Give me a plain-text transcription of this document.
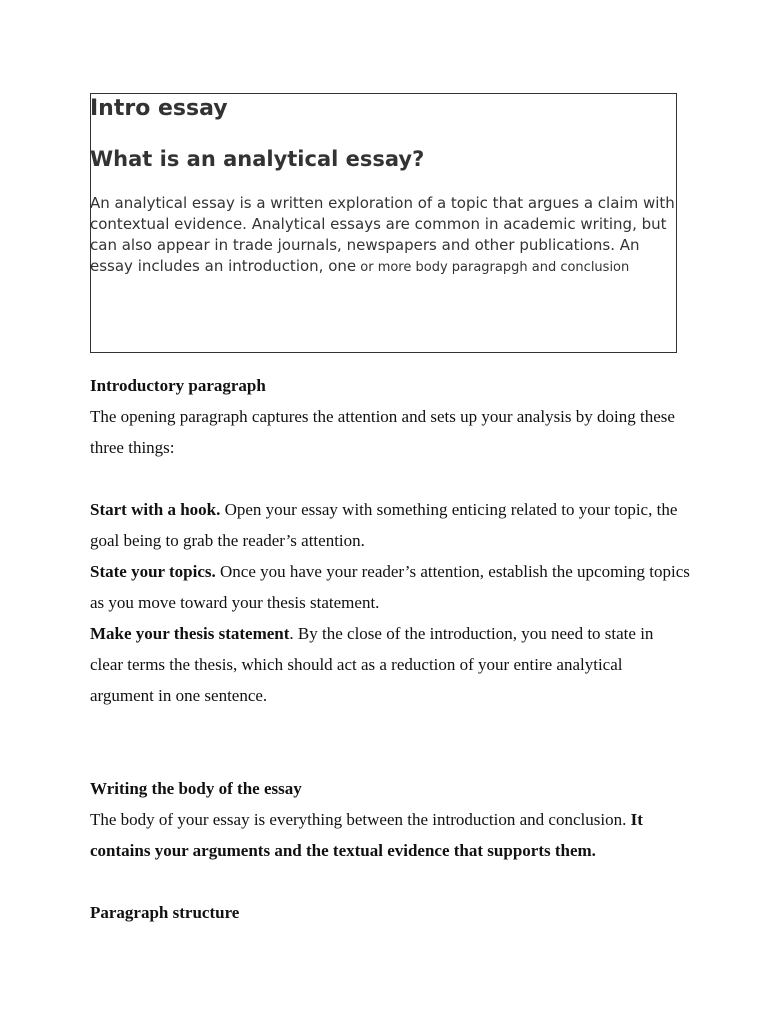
Intro essay
What is an analytical essay?

An analytical essay is a written exploration of a topic that argues a claim with contextual evidence. Analytical essays are common in academic writing, but can also appear in trade journals, newspapers and other publications. An essay includes an introduction, one or more body paragrapgh and conclusion

Introductory paragraph

The opening paragraph captures the attention and sets up your analysis by doing these three things:

Start with a hook. Open your essay with something enticing related to your topic, the goal being to grab the reader’s attention.

State your topics. Once you have your reader’s attention, establish the upcoming topics as you move toward your thesis statement.

Make your thesis statement. By the close of the introduction, you need to state in clear terms the thesis, which should act as a reduction of your entire analytical argument in one sentence.

Writing the body of the essay

The body of your essay is everything between the introduction and conclusion. It contains your arguments and the textual evidence that supports them.

Paragraph structure
